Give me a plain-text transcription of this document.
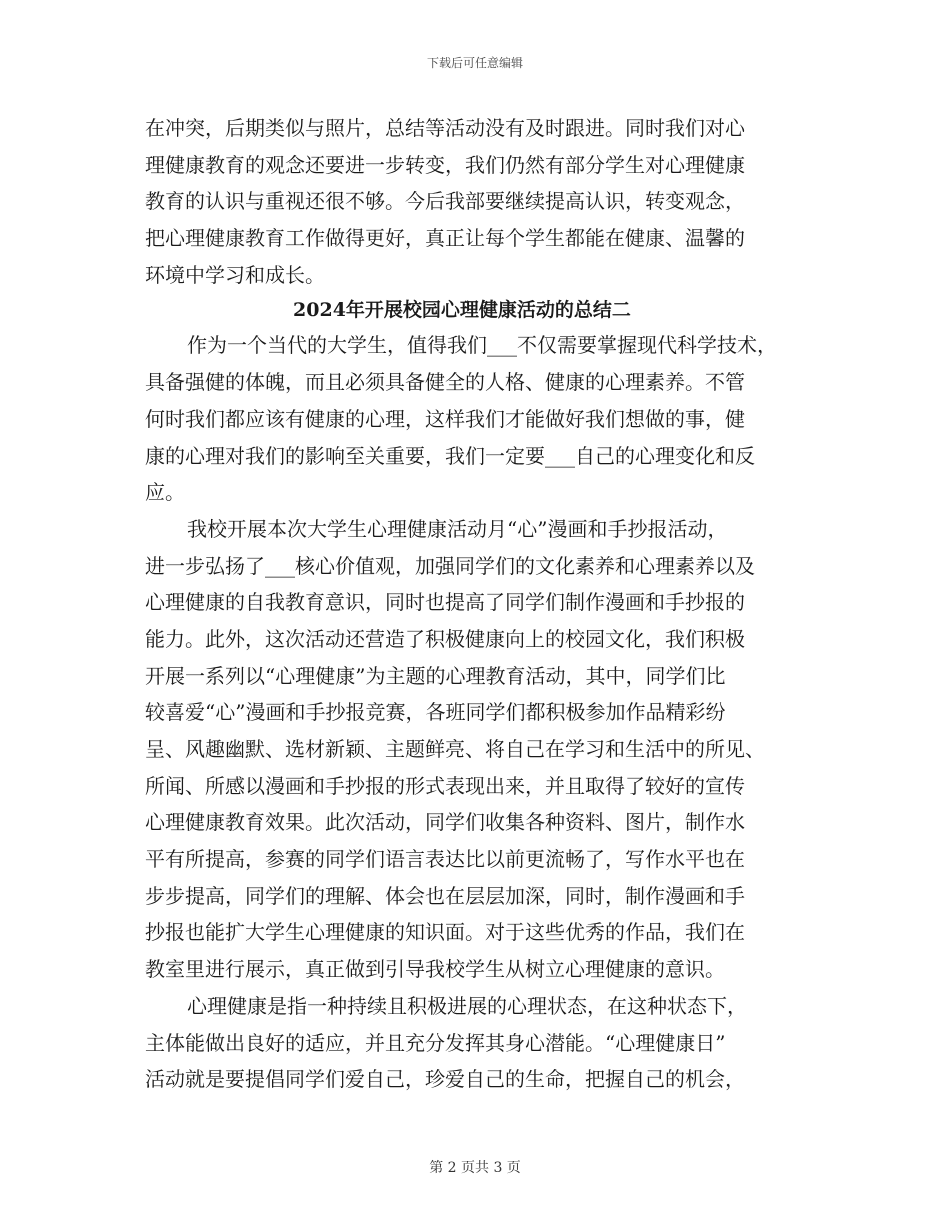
下载后可任意编辑
在冲突，后期类似与照片，总结等活动没有及时跟进。同时我们对心
理健康教育的观念还要进一步转变，我们仍然有部分学生对心理健康
教育的认识与重视还很不够。今后我部要继续提高认识，转变观念，
把心理健康教育工作做得更好，真正让每个学生都能在健康、温馨的
环境中学习和成长。
2024年开展校园心理健康活动的总结二
作为一个当代的大学生，值得我们___不仅需要掌握现代科学技术，
具备强健的体魄，而且必须具备健全的人格、健康的心理素养。不管
何时我们都应该有健康的心理，这样我们才能做好我们想做的事，健
康的心理对我们的影响至关重要，我们一定要___自己的心理变化和反
应。
我校开展本次大学生心理健康活动月“心”漫画和手抄报活动，
进一步弘扬了___核心价值观，加强同学们的文化素养和心理素养以及
心理健康的自我教育意识，同时也提高了同学们制作漫画和手抄报的
能力。此外，这次活动还营造了积极健康向上的校园文化，我们积极
开展一系列以“心理健康”为主题的心理教育活动，其中，同学们比
较喜爱“心”漫画和手抄报竞赛，各班同学们都积极参加作品精彩纷
呈、风趣幽默、选材新颖、主题鲜亮、将自己在学习和生活中的所见、
所闻、所感以漫画和手抄报的形式表现出来，并且取得了较好的宣传
心理健康教育效果。此次活动，同学们收集各种资料、图片，制作水
平有所提高，参赛的同学们语言表达比以前更流畅了，写作水平也在
步步提高，同学们的理解、体会也在层层加深，同时，制作漫画和手
抄报也能扩大学生心理健康的知识面。对于这些优秀的作品，我们在
教室里进行展示，真正做到引导我校学生从树立心理健康的意识。
心理健康是指一种持续且积极进展的心理状态，在这种状态下，
主体能做出良好的适应，并且充分发挥其身心潜能。“心理健康日”
活动就是要提倡同学们爱自己，珍爱自己的生命，把握自己的机会，
第 2 页共 3 页
